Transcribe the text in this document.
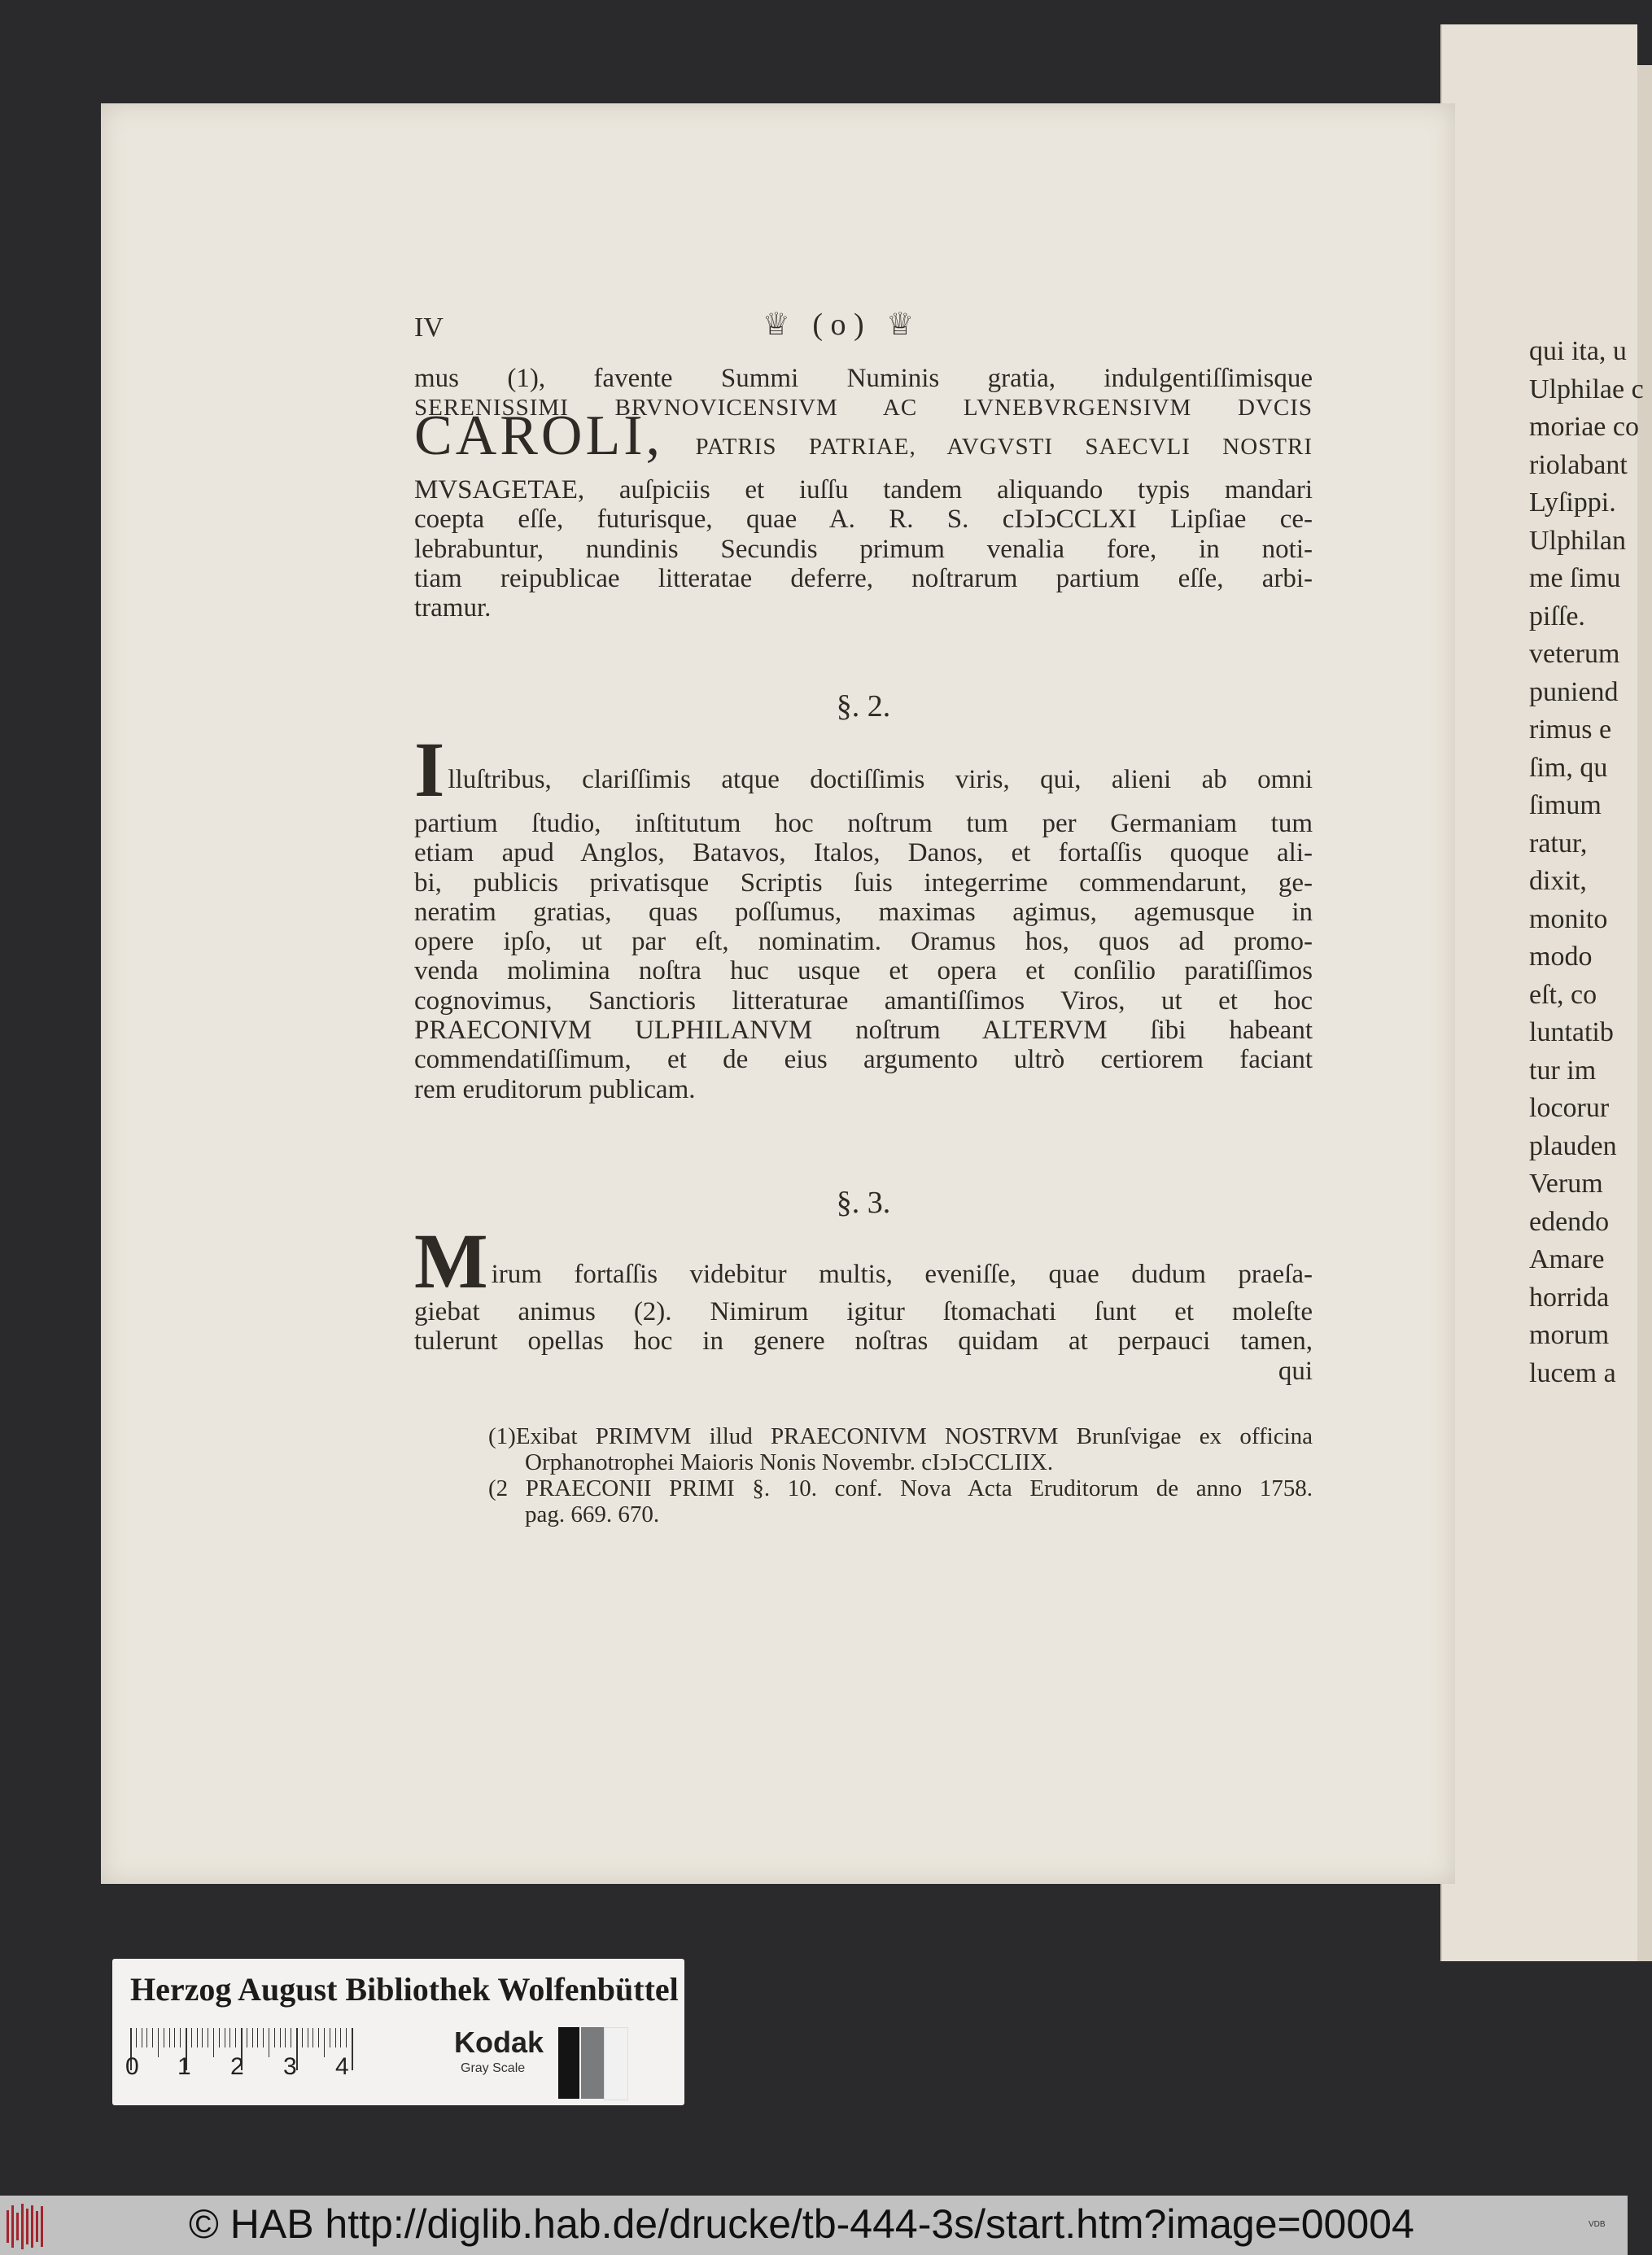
qui ita, u
Ulphilae c
moriae co
riolabant
Lyſippi.
Ulphilan
me ſimu
piſſe.
veterum
puniend
rimus e
ſim, qu
ſimum
ratur,
dixit,
monito
modo
eſt, co
luntatib
tur im
locorur
plauden
Verum
edendo
Amare
horrida
morum
lucem a
IV	♕ ( o ) ♕
mus (1), favente Summi Numinis gratia, indulgentiſſimisque
SERENISSIMI BRVNOVICENSIVM AC LVNEBVRGENSIVM DVCIS
CAROLI, PATRIS PATRIAE, AVGVSTI SAECVLI NOSTRI
MVSAGETAE, auſpiciis et iuſſu tandem aliquando typis mandari
coepta eſſe, futurisque, quae A. R. S. cIↄIↄCCLXI Lipſiae ce-
lebrabuntur, nundinis Secundis primum venalia fore, in noti-
tiam reipublicae litteratae deferre, noſtrarum partium eſſe, arbi-
tramur.
§. 2.
I lluſtribus, clariſſimis atque doctiſſimis viris, qui, alieni ab omni
partium ſtudio, inſtitutum hoc noſtrum tum per Germaniam tum
etiam apud Anglos, Batavos, Italos, Danos, et fortaſſis quoque ali-
bi, publicis privatisque Scriptis ſuis integerrime commendarunt, ge-
neratim gratias, quas poſſumus, maximas agimus, agemusque in
opere ipſo, ut par eſt, nominatim. Oramus hos, quos ad promo-
venda molimina noſtra huc usque et opera et conſilio paratiſſimos
cognovimus, Sanctioris litteraturae amantiſſimos Viros, ut et hoc
PRAECONIVM ULPHILANVM noſtrum ALTERVM ſibi habeant
commendatiſſimum, et de eius argumento ultrò certiorem faciant
rem eruditorum publicam.
§. 3.
M irum fortaſſis videbitur multis, eveniſſe, quae dudum praeſa-
giebat animus (2). Nimirum igitur ſtomachati ſunt et moleſte
tulerunt opellas hoc in genere noſtras quidam at perpauci tamen,
qui
(1)Exibat PRIMVM illud PRAECONIVM NOSTRVM Brunſvigae ex officina
Orphanotrophei Maioris Nonis Novembr. cIↄIↄCCLIIX.
(2 PRAECONII PRIMI §. 10. conf. Nova Acta Eruditorum de anno 1758.
pag. 669. 670.
Herzog August Bibliothek Wolfenbüttel
0 1 2 3 4
Kodak
Gray Scale
© HAB http://diglib.hab.de/drucke/tb-444-3s/start.htm?image=00004	VDB
